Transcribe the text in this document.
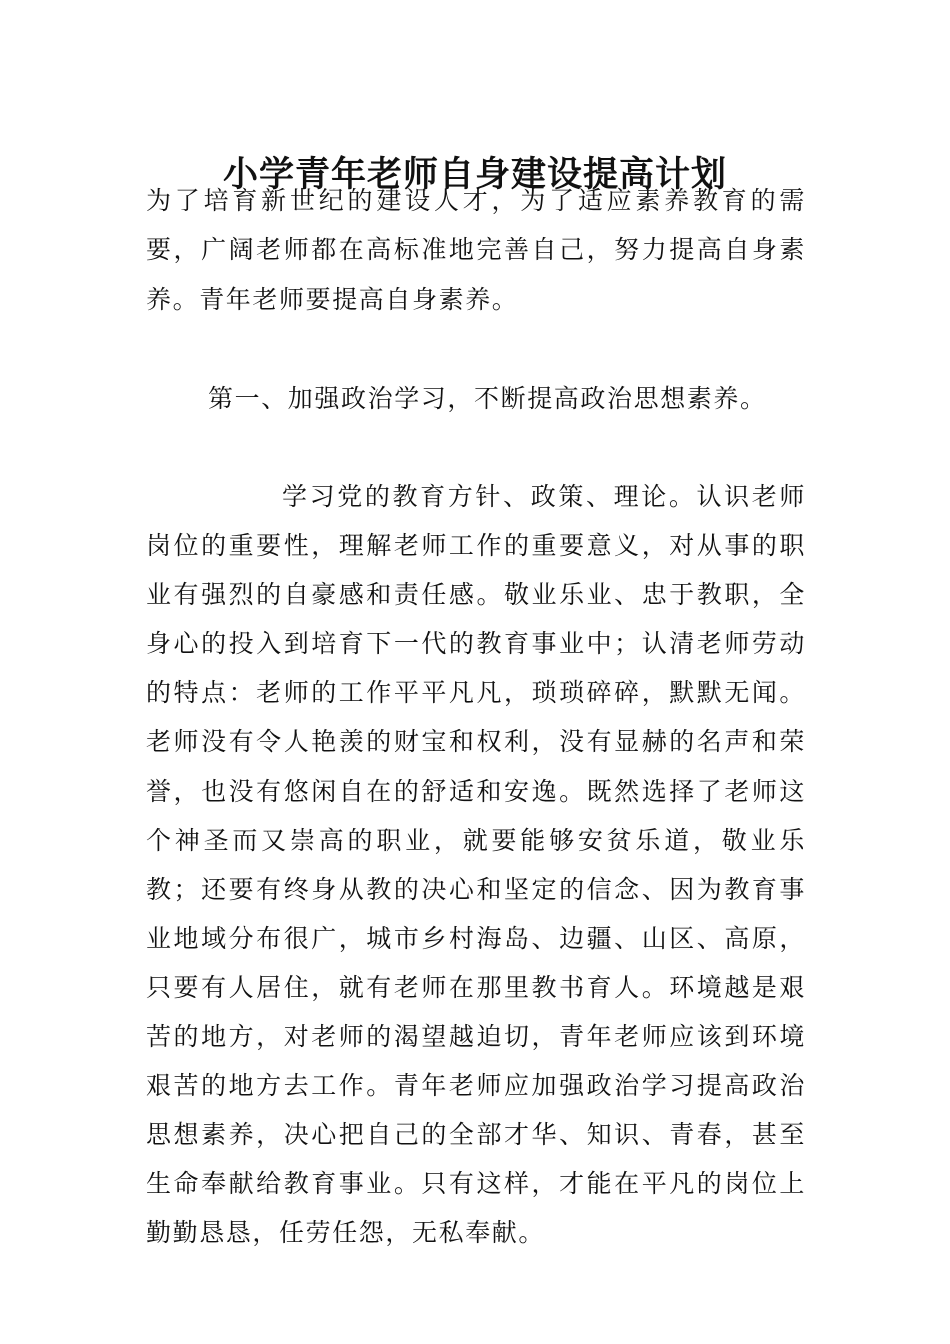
小学青年老师自身建设提高计划

为了培育新世纪的建设人才，为了适应素养教育的需要，广阔老师都在高标准地完善自己，努力提高自身素养。青年老师要提高自身素养。

第一、加强政治学习，不断提高政治思想素养。

学习党的教育方针、政策、理论。认识老师岗位的重要性，理解老师工作的重要意义，对从事的职业有强烈的自豪感和责任感。敬业乐业、忠于教职，全身心的投入到培育下一代的教育事业中；认清老师劳动的特点：老师的工作平平凡凡，琐琐碎碎，默默无闻。老师没有令人艳羡的财宝和权利，没有显赫的名声和荣誉，也没有悠闲自在的舒适和安逸。既然选择了老师这个神圣而又崇高的职业，就要能够安贫乐道，敬业乐教；还要有终身从教的决心和坚定的信念、因为教育事业地域分布很广，城市乡村海岛、边疆、山区、高原，只要有人居住，就有老师在那里教书育人。环境越是艰苦的地方，对老师的渴望越迫切，青年老师应该到环境艰苦的地方去工作。青年老师应加强政治学习提高政治思想素养，决心把自己的全部才华、知识、青春，甚至生命奉献给教育事业。只有这样，才能在平凡的岗位上勤勤恳恳，任劳任怨，无私奉献。
